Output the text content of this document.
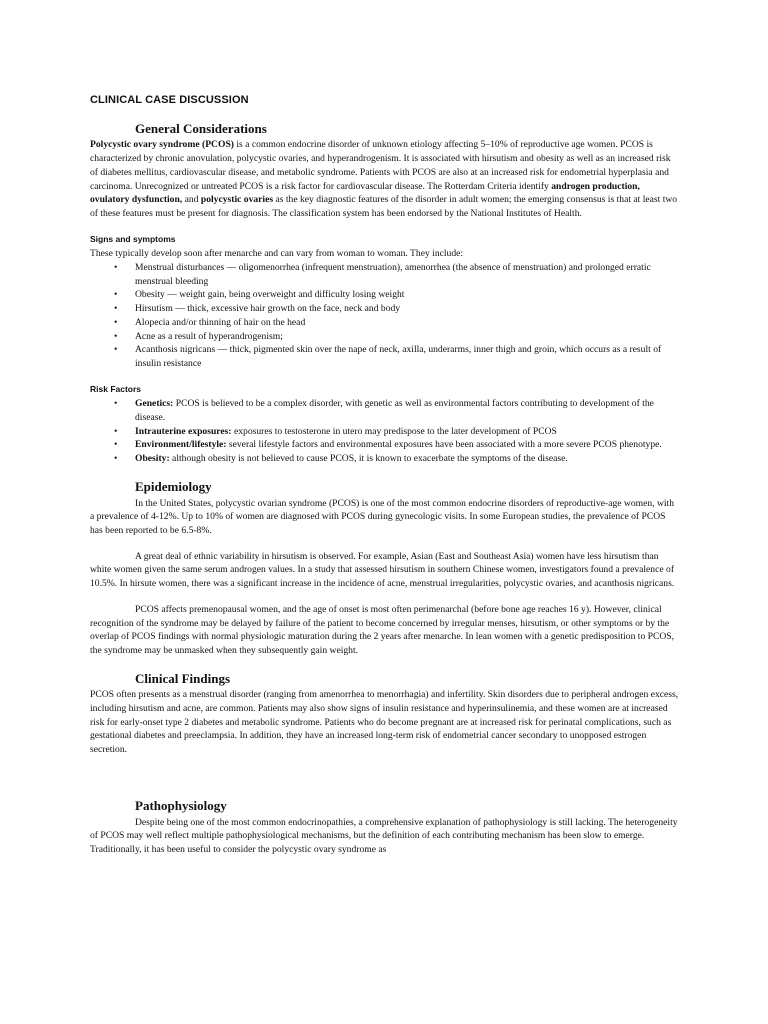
CLINICAL CASE DISCUSSION
General Considerations

Polycystic ovary syndrome (PCOS) is a common endocrine disorder of unknown etiology affecting 5–10% of reproductive age women. PCOS is characterized by chronic anovulation, polycystic ovaries, and hyperandrogenism. It is associated with hirsutism and obesity as well as an increased risk of diabetes mellitus, cardiovascular disease, and metabolic syndrome. Patients with PCOS are also at an increased risk for endometrial hyperplasia and carcinoma. Unrecognized or untreated PCOS is a risk factor for cardiovascular disease. The Rotterdam Criteria identify androgen production, ovulatory dysfunction, and polycystic ovaries as the key diagnostic features of the disorder in adult women; the emerging consensus is that at least two of these features must be present for diagnosis. The classification system has been endorsed by the National Institutes of Health.

Signs and symptoms

These typically develop soon after menarche and can vary from woman to woman. They include:

• Menstrual disturbances — oligomenorrhea (infrequent menstruation), amenorrhea (the absence of menstruation) and prolonged erratic menstrual bleeding
• Obesity — weight gain, being overweight and difficulty losing weight
• Hirsutism — thick, excessive hair growth on the face, neck and body
• Alopecia and/or thinning of hair on the head
• Acne as a result of hyperandrogenism;
• Acanthosis nigricans — thick, pigmented skin over the nape of neck, axilla, underarms, inner thigh and groin, which occurs as a result of insulin resistance
Risk Factors
• Genetics: PCOS is believed to be a complex disorder, with genetic as well as environmental factors contributing to development of the disease.
• Intrauterine exposures: exposures to testosterone in utero may predispose to the later development of PCOS
• Environment/lifestyle: several lifestyle factors and environmental exposures have been associated with a more severe PCOS phenotype.
• Obesity: although obesity is not believed to cause PCOS, it is known to exacerbate the symptoms of the disease.
Epidemiology

In the United States, polycystic ovarian syndrome (PCOS) is one of the most common endocrine disorders of reproductive-age women, with a prevalence of 4-12%. Up to 10% of women are diagnosed with PCOS during gynecologic visits. In some European studies, the prevalence of PCOS has been reported to be 6.5-8%.

A great deal of ethnic variability in hirsutism is observed. For example, Asian (East and Southeast Asia) women have less hirsutism than white women given the same serum androgen values. In a study that assessed hirsutism in southern Chinese women, investigators found a prevalence of 10.5%. In hirsute women, there was a significant increase in the incidence of acne, menstrual irregularities, polycystic ovaries, and acanthosis nigricans.

PCOS affects premenopausal women, and the age of onset is most often perimenarchal (before bone age reaches 16 y). However, clinical recognition of the syndrome may be delayed by failure of the patient to become concerned by irregular menses, hirsutism, or other symptoms or by the overlap of PCOS findings with normal physiologic maturation during the 2 years after menarche. In lean women with a genetic predisposition to PCOS, the syndrome may be unmasked when they subsequently gain weight.

Clinical Findings

PCOS often presents as a menstrual disorder (ranging from amenorrhea to menorrhagia) and infertility. Skin disorders due to peripheral androgen excess, including hirsutism and acne, are common. Patients may also show signs of insulin resistance and hyperinsulinemia, and these women are at increased risk for early-onset type 2 diabetes and metabolic syndrome. Patients who do become pregnant are at increased risk for perinatal complications, such as gestational diabetes and preeclampsia. In addition, they have an increased long-term risk of endometrial cancer secondary to unopposed estrogen secretion.

Pathophysiology

Despite being one of the most common endocrinopathies, a comprehensive explanation of pathophysiology is still lacking. The heterogeneity of PCOS may well reflect multiple pathophysiological mechanisms, but the definition of each contributing mechanism has been slow to emerge. Traditionally, it has been useful to consider the polycystic ovary syndrome as
